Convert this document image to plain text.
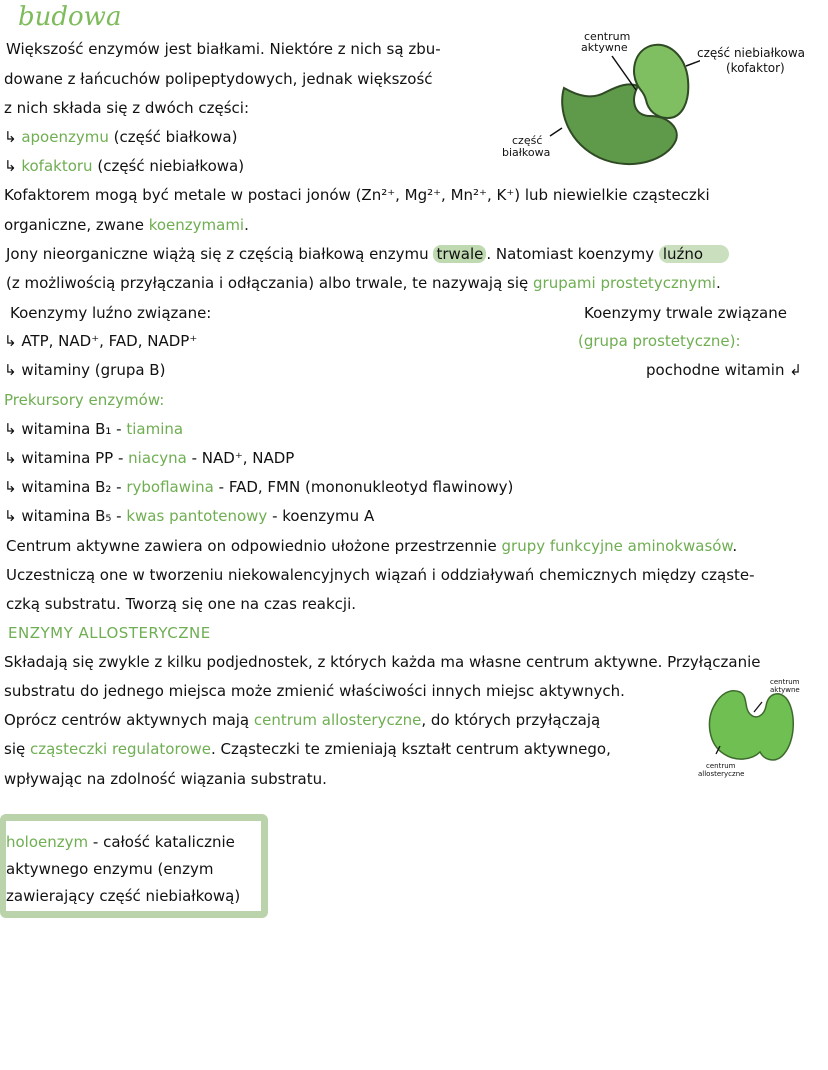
budowa
Większość enzymów jest białkami. Niektóre z nich są zbu-
dowane z łańcuchów polipeptydowych, jednak większość
z nich składa się z dwóch części:
↳ apoenzymu (część białkowa)
↳ kofaktoru (część niebiałkowa)
Kofaktorem mogą być metale w postaci jonów (Zn²⁺, Mg²⁺, Mn²⁺, K⁺) lub niewielkie cząsteczki
organiczne, zwane koenzymami.
Jony nieorganiczne wiążą się z częścią białkową enzymu trwale . Natomiast koenzymy luźno
(z możliwością przyłączania i odłączania) albo trwale, te nazywają się grupami prostetycznymi.
Koenzymy luźno związane:	Koenzymy trwale związane
↳ ATP, NAD⁺, FAD, NADP⁺	(grupa prostetyczne):
↳ witaminy (grupa B)	pochodne witamin ↲
Prekursory enzymów:
↳ witamina B₁ - tiamina
↳ witamina PP - niacyna - NAD⁺, NADP
↳ witamina B₂ - ryboflawina - FAD, FMN (mononukleotyd flawinowy)
↳ witamina B₅ - kwas pantotenowy - koenzymu A
Centrum aktywne zawiera on odpowiednio ułożone przestrzennie grupy funkcyjne aminokwasów.
Uczestniczą one w tworzeniu niekowalencyjnych wiązań i oddziaływań chemicznych między cząste-
czką substratu. Tworzą się one na czas reakcji.
ENZYMY ALLOSTERYCZNE
Składają się zwykle z kilku podjednostek, z których każda ma własne centrum aktywne. Przyłączanie
substratu do jednego miejsca może zmienić właściwości innych miejsc aktywnych.
Oprócz centrów aktywnych mają centrum allosteryczne, do których przyłączają
się cząsteczki regulatorowe. Cząsteczki te zmieniają kształt centrum aktywnego,
wpływając na zdolność wiązania substratu.
centrum
aktywne	część niebiałkowa
(kofaktor)
część
białkowa
centrum
aktywne
centrum
allosteryczne
holoenzym - całość katalicznie
aktywnego enzymu (enzym
zawierający część niebiałkową)
